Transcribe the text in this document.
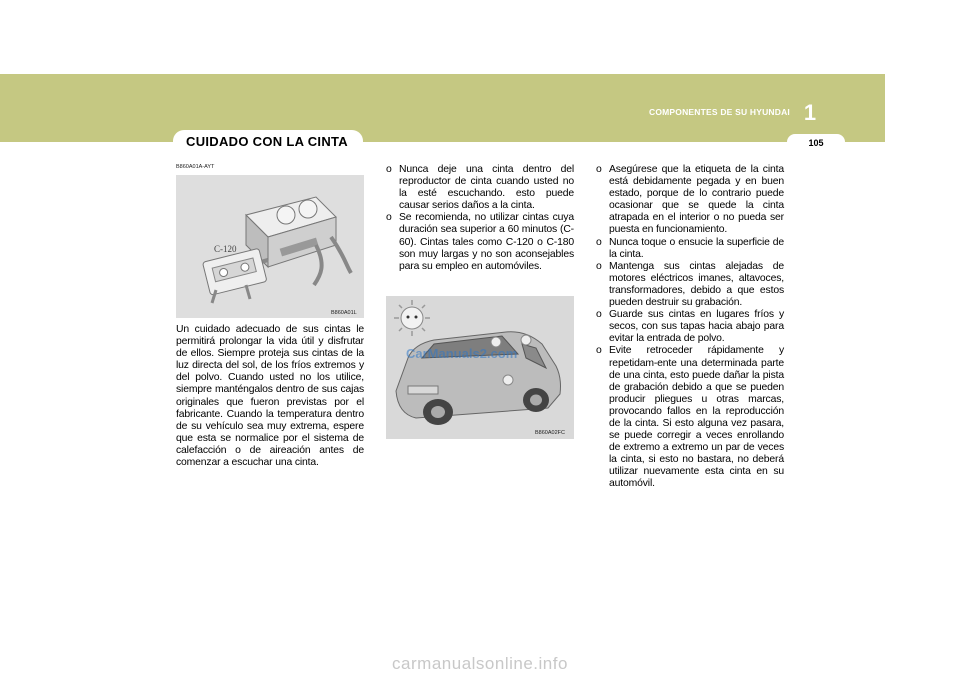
COMPONENTES DE SU HYUNDAI 1
105
CUIDADO CON LA CINTA
B860A01A-AYT
C-120
B860A01L
Un cuidado adecuado de sus cintas le permitirá prolongar la vida útil y disfrutar de ellos. Siempre proteja sus cintas de la luz directa del sol, de los fríos extremos y del polvo. Cuando usted no los utilice, siempre manténgalos dentro de sus cajas originales que fueron previstas por el fabricante. Cuando la temperatura dentro de su vehículo sea muy extrema, espere que esta se normalice por el sistema de calefacción o de aireación antes de comenzar a escuchar una cinta.
o Nunca deje una cinta dentro del reproductor de cinta cuando usted no la esté escuchando. esto puede causar serios daños a la cinta.
o Se recomienda, no utilizar cintas cuya duración sea superior a 60 minutos (C-60). Cintas tales como C-120 o C-180 son muy largas y no son aconsejables para su empleo en automóviles.
CarManuals2.com
B860A02FC
o Asegúrese que la etiqueta de la cinta está debidamente pegada y en buen estado, porque de lo contrario puede ocasionar que se quede la cinta atrapada en el interior o no pueda ser puesta en funcionamiento.
o Nunca toque o ensucie la superficie de la cinta.
o Mantenga sus cintas alejadas de motores eléctricos imanes, altavoces, transformadores, debido a que estos pueden destruir su grabación.
o Guarde sus cintas en lugares fríos y secos, con sus tapas hacia abajo para evitar la entrada de polvo.
o Evite retroceder rápidamente y repetidam-ente una determinada parte de una cinta, esto puede dañar la pista de grabación debido a que se pueden producir pliegues u otras marcas, provocando fallos en la reproducción de la cinta. Si esto alguna vez pasara, se puede corregir a veces enrollando de extremo a extremo un par de veces la cinta, si esto no bastara, no deberá utilizar nuevamente esta cinta en su automóvil.
carmanualsonline.info
